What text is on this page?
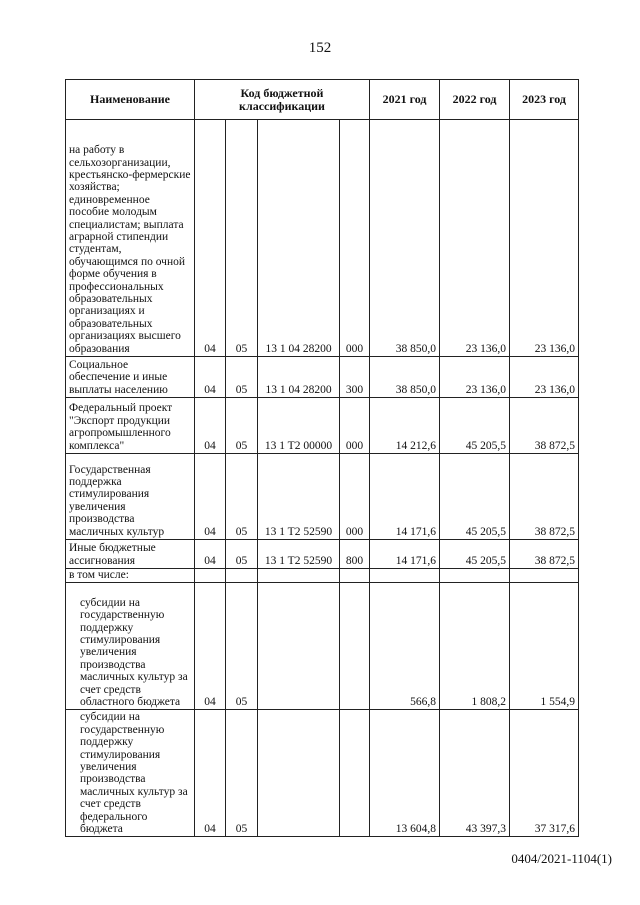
152
Наименование	Код бюджетной классификации				2021 год	2022 год	2023 год
на работу в сельхозорганизации, крестьянско-фермерские хозяйства; единовременное пособие молодым специалистам; выплата аграрной стипендии студентам, обучающимся по очной форме обучения в профессиональных образовательных организациях и образовательных организациях высшего образования	04	05	13 1 04 28200	000	38 850,0	23 136,0	23 136,0
Социальное обеспечение и иные выплаты населению	04	05	13 1 04 28200	300	38 850,0	23 136,0	23 136,0
Федеральный проект "Экспорт продукции агропромышленного комплекса"	04	05	13 1 T2 00000	000	14 212,6	45 205,5	38 872,5
Государственная поддержка стимулирования увеличения производства масличных культур	04	05	13 1 T2 52590	000	14 171,6	45 205,5	38 872,5
Иные бюджетные ассигнования	04	05	13 1 T2 52590	800	14 171,6	45 205,5	38 872,5
в том числе:							
субсидии на государственную поддержку стимулирования увеличения производства масличных культур за счет средств областного бюджета	04	05			566,8	1 808,2	1 554,9
субсидии на государственную поддержку стимулирования увеличения производства масличных культур за счет средств федерального бюджета	04	05			13 604,8	43 397,3	37 317,6
0404/2021-1104(1)
